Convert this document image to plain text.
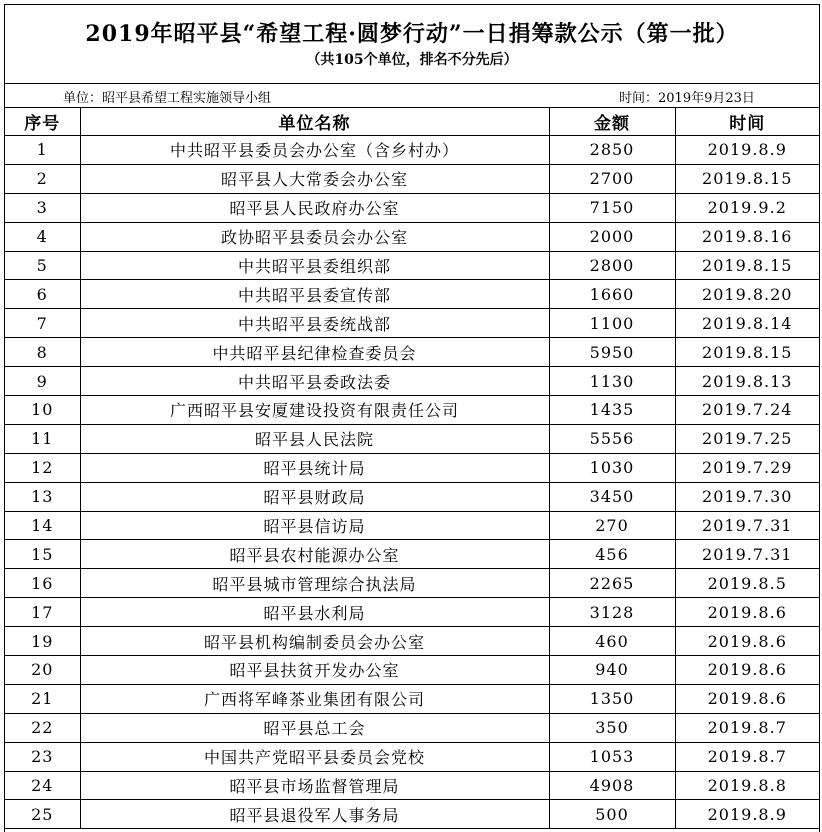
2019年昭平县“希望工程·圆梦行动”一日捐筹款公示（第一批）
（共105个单位，排名不分先后）
单位：昭平县希望工程实施领导小组	时间：2019年9月23日
序号	单位名称	金额	时间
1	中共昭平县委员会办公室（含乡村办）	2850	2019.8.9
2	昭平县人大常委会办公室	2700	2019.8.15
3	昭平县人民政府办公室	7150	2019.9.2
4	政协昭平县委员会办公室	2000	2019.8.16
5	中共昭平县委组织部	2800	2019.8.15
6	中共昭平县委宣传部	1660	2019.8.20
7	中共昭平县委统战部	1100	2019.8.14
8	中共昭平县纪律检查委员会	5950	2019.8.15
9	中共昭平县委政法委	1130	2019.8.13
10	广西昭平县安厦建设投资有限责任公司	1435	2019.7.24
11	昭平县人民法院	5556	2019.7.25
12	昭平县统计局	1030	2019.7.29
13	昭平县财政局	3450	2019.7.30
14	昭平县信访局	270	2019.7.31
15	昭平县农村能源办公室	456	2019.7.31
16	昭平县城市管理综合执法局	2265	2019.8.5
17	昭平县水利局	3128	2019.8.6
19	昭平县机构编制委员会办公室	460	2019.8.6
20	昭平县扶贫开发办公室	940	2019.8.6
21	广西将军峰茶业集团有限公司	1350	2019.8.6
22	昭平县总工会	350	2019.8.7
23	中国共产党昭平县委员会党校	1053	2019.8.7
24	昭平县市场监督管理局	4908	2019.8.8
25	昭平县退役军人事务局	500	2019.8.9
